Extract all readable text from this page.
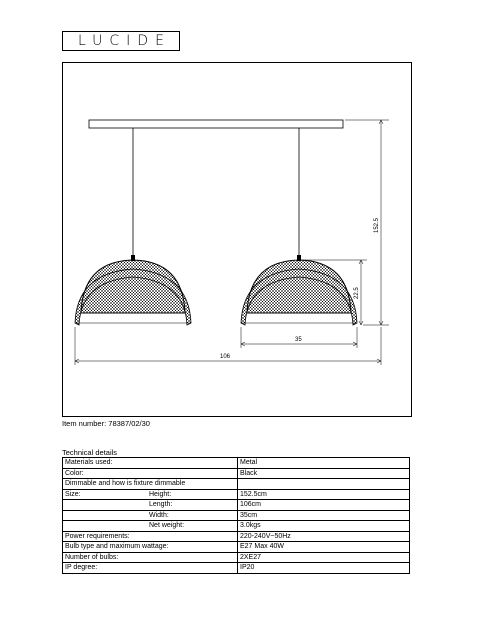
LUCIDE
152.5
22.5
35
106
Item number: 78387/02/30
Technical details
Materials used:	Metal
Color:	Black
Dimmable and how is fixture dimmable	
Size: Height:	152.5cm
Length:	106cm
Width:	35cm
Net weight:	3.0kgs
Power requirements:	220-240V~50Hz
Bulb type and maximum wattage:	E27 Max 40W
Number of bulbs:	2XE27
IP degree:	IP20
